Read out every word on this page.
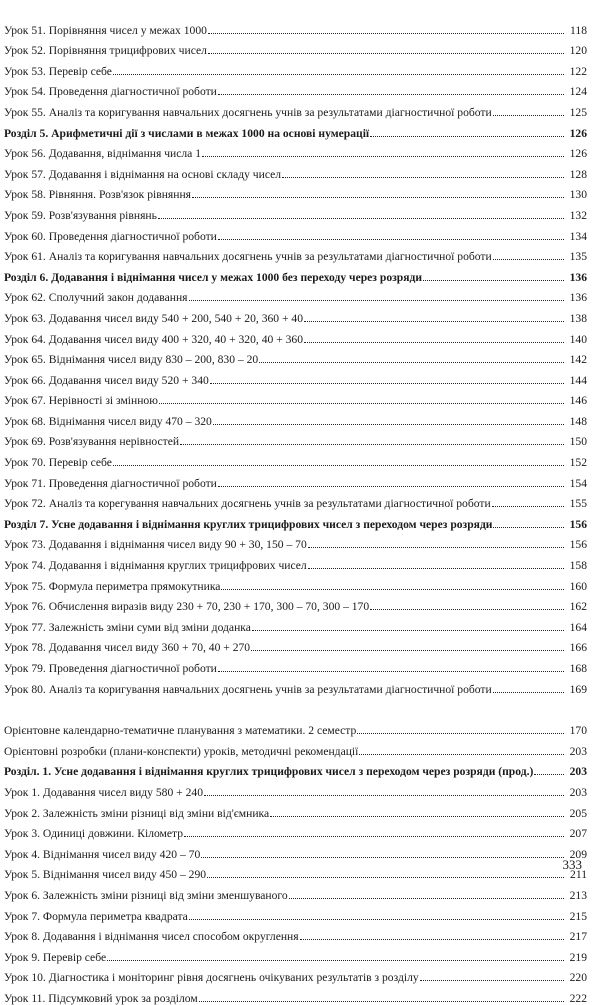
Урок 51. Порівняння чисел у межах 1000	118
Урок 52. Порівняння трицифрових чисел	120
Урок 53. Перевір себе	122
Урок 54. Проведення діагностичної роботи	124
Урок 55. Аналіз та коригування навчальних досягнень учнів за результатами діагностичної роботи	125
Розділ 5. Арифметичні дії з числами в межах 1000 на основі нумерації	126
Урок 56. Додавання, віднімання числа 1	126
Урок 57. Додавання і віднімання на основі складу чисел	128
Урок 58. Рівняння. Розв'язок рівняння	130
Урок 59. Розв'язування рівнянь	132
Урок 60. Проведення діагностичної роботи	134
Урок 61. Аналіз та коригування навчальних досягнень учнів за результатами діагностичної роботи	135
Розділ 6. Додавання і віднімання чисел у межах 1000 без переходу через розряди	136
Урок 62. Сполучний закон додавання	136
Урок 63. Додавання чисел виду 540 + 200, 540 + 20, 360 + 40	138
Урок 64. Додавання чисел виду 400 + 320, 40 + 320, 40 + 360	140
Урок 65. Віднімання чисел виду 830 – 200, 830 – 20	142
Урок 66. Додавання чисел виду 520 + 340	144
Урок 67. Нерівності зі змінною	146
Урок 68. Віднімання чисел виду 470 – 320	148
Урок 69. Розв'язування нерівностей	150
Урок 70. Перевір себе	152
Урок 71. Проведення діагностичної роботи	154
Урок 72. Аналіз та корегування навчальних досягнень учнів за результатами діагностичної роботи	155
Розділ 7. Усне додавання і віднімання круглих трицифрових чисел з переходом через розряди	156
Урок 73. Додавання і віднімання чисел виду 90 + 30, 150 – 70	156
Урок 74. Додавання і віднімання круглих трицифрових чисел	158
Урок 75. Формула периметра прямокутника	160
Урок 76. Обчислення виразів виду 230 + 70, 230 + 170, 300 – 70, 300 – 170	162
Урок 77. Залежність зміни суми від зміни доданка	164
Урок 78. Додавання чисел виду 360 + 70, 40 + 270	166
Урок 79. Проведення діагностичної роботи	168
Урок 80. Аналіз та коригування навчальних досягнень учнів за результатами діагностичної роботи	169
Орієнтовне календарно-тематичне планування з математики. 2 семестр	170
Орієнтовні розробки (плани-конспекти) уроків, методичні рекомендації	203
Розділ. 1. Усне додавання і віднімання круглих трицифрових чисел з переходом через розряди (прод.)	203
Урок 1. Додавання чисел виду 580 + 240	203
Урок 2. Залежність зміни різниці від зміни від'ємника	205
Урок 3. Одиниці довжини. Кілометр	207
Урок 4. Віднімання чисел виду 420 – 70	209
Урок 5. Віднімання чисел виду 450 – 290	211
Урок 6. Залежність зміни різниці від зміни зменшуваного	213
Урок 7. Формула периметра квадрата	215
Урок 8. Додавання і віднімання чисел способом округлення	217
Урок 9. Перевір себе	219
Урок 10. Діагностика і моніторинг рівня досягнень очікуваних результатів з розділу	220
Урок 11. Підсумковий урок за розділом	222
333
